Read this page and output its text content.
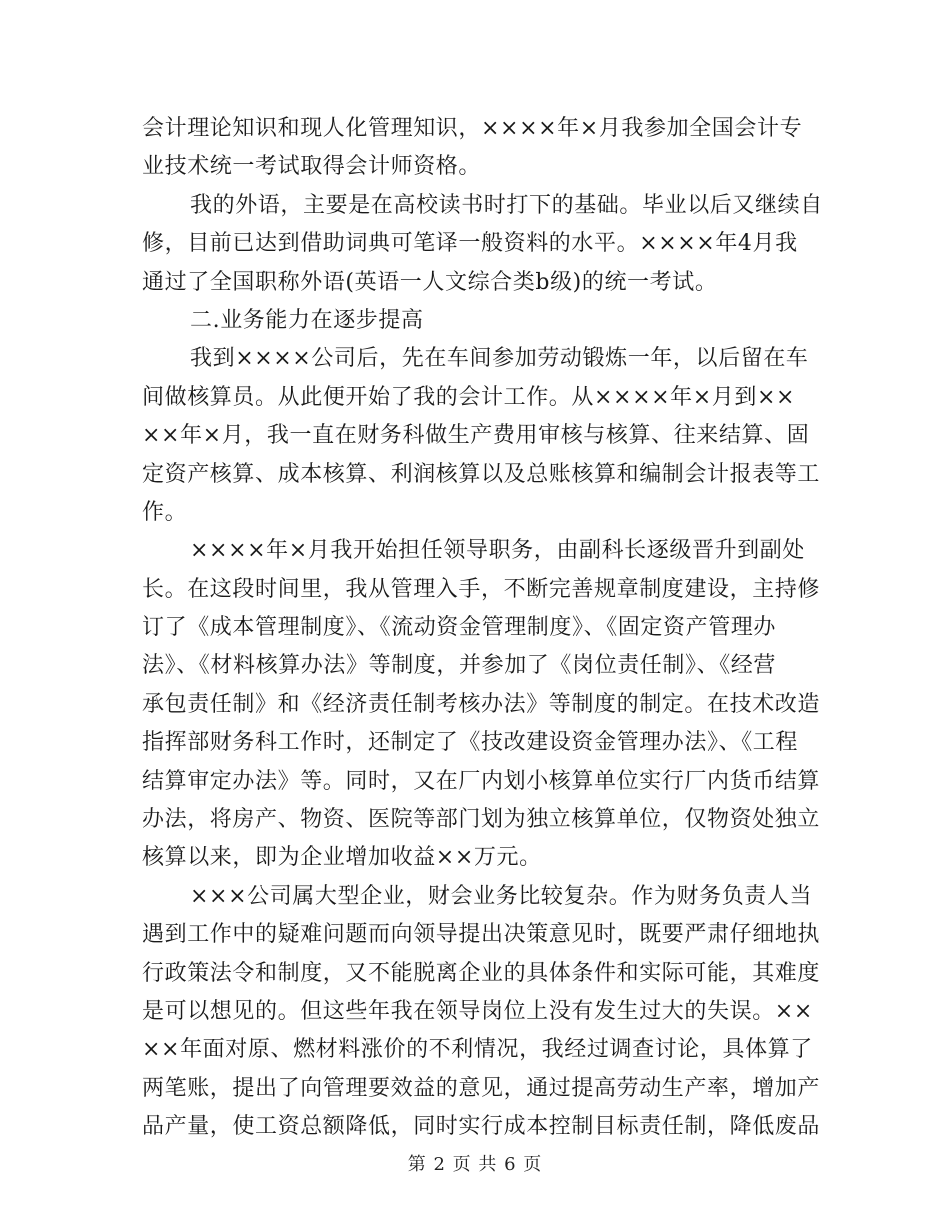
会计理论知识和现人化管理知识，××××年×月我参加全国会计专
业技术统一考试取得会计师资格。
我的外语，主要是在高校读书时打下的基础。毕业以后又继续自
修，目前已达到借助词典可笔译一般资料的水平。××××年4月我
通过了全国职称外语(英语一人文综合类b级)的统一考试。
二.业务能力在逐步提高
我到××××公司后，先在车间参加劳动锻炼一年，以后留在车
间做核算员。从此便开始了我的会计工作。从××××年×月到××
××年×月，我一直在财务科做生产费用审核与核算、往来结算、固
定资产核算、成本核算、利润核算以及总账核算和编制会计报表等工
作。
××××年×月我开始担任领导职务，由副科长逐级晋升到副处
长。在这段时间里，我从管理入手，不断完善规章制度建设，主持修
订了《成本管理制度》、《流动资金管理制度》、《固定资产管理办
法》、《材料核算办法》等制度，并参加了《岗位责任制》、《经营
承包责任制》和《经济责任制考核办法》等制度的制定。在技术改造
指挥部财务科工作时，还制定了《技改建设资金管理办法》、《工程
结算审定办法》等。同时，又在厂内划小核算单位实行厂内货币结算
办法，将房产、物资、医院等部门划为独立核算单位，仅物资处独立
核算以来，即为企业增加收益××万元。
×××公司属大型企业，财会业务比较复杂。作为财务负责人当
遇到工作中的疑难问题而向领导提出决策意见时，既要严肃仔细地执
行政策法令和制度，又不能脱离企业的具体条件和实际可能，其难度
是可以想见的。但这些年我在领导岗位上没有发生过大的失误。××
××年面对原、燃材料涨价的不利情况，我经过调查讨论，具体算了
两笔账，提出了向管理要效益的意见，通过提高劳动生产率，增加产
品产量，使工资总额降低，同时实行成本控制目标责任制，降低废品
第 2 页 共 6 页
